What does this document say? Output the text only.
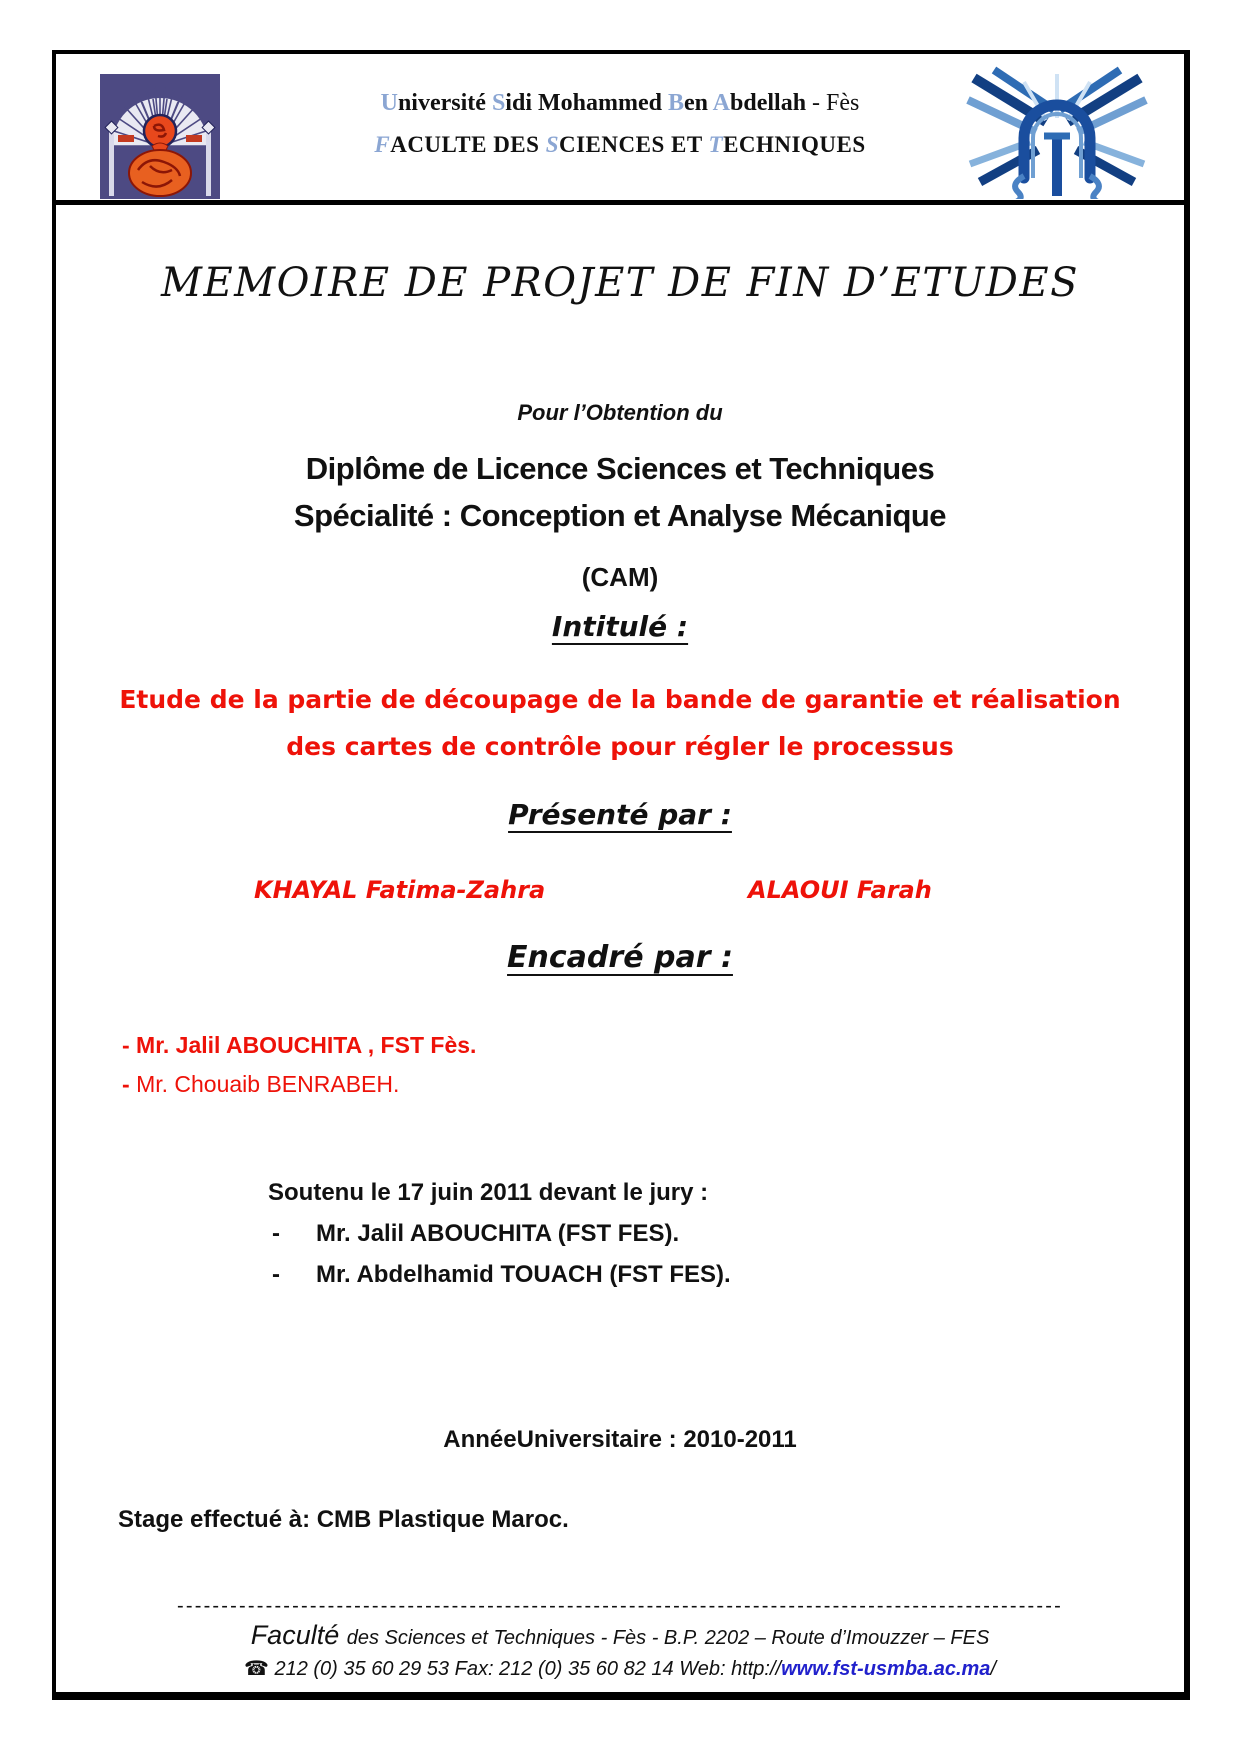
Université Sidi Mohammed Ben Abdellah - Fès
FACULTE DES SCIENCES ET TECHNIQUES
MEMOIRE DE PROJET DE FIN D’ETUDES
Pour l’Obtention du
Diplôme de Licence Sciences et Techniques
Spécialité : Conception et Analyse Mécanique
(CAM)
Intitulé :
Etude de la partie de découpage de la bande de garantie et réalisation
des cartes de contrôle pour régler le processus
Présenté par :
KHAYAL Fatima-Zahra	ALAOUI Farah
Encadré par :
- Mr. Jalil ABOUCHITA , FST Fès.
- Mr. Chouaib BENRABEH.
Soutenu le 17 juin 2011 devant le jury :
- Mr. Jalil ABOUCHITA (FST FES).
- Mr. Abdelhamid TOUACH (FST FES).
AnnéeUniversitaire : 2010-2011
Stage effectué à: CMB Plastique Maroc.
----------------------------------------------------------------------------------------------------
Faculté des Sciences et Techniques - Fès - B.P. 2202 – Route d’Imouzzer – FES
☎ 212 (0) 35 60 29 53 Fax: 212 (0) 35 60 82 14 Web: http://www.fst-usmba.ac.ma/
